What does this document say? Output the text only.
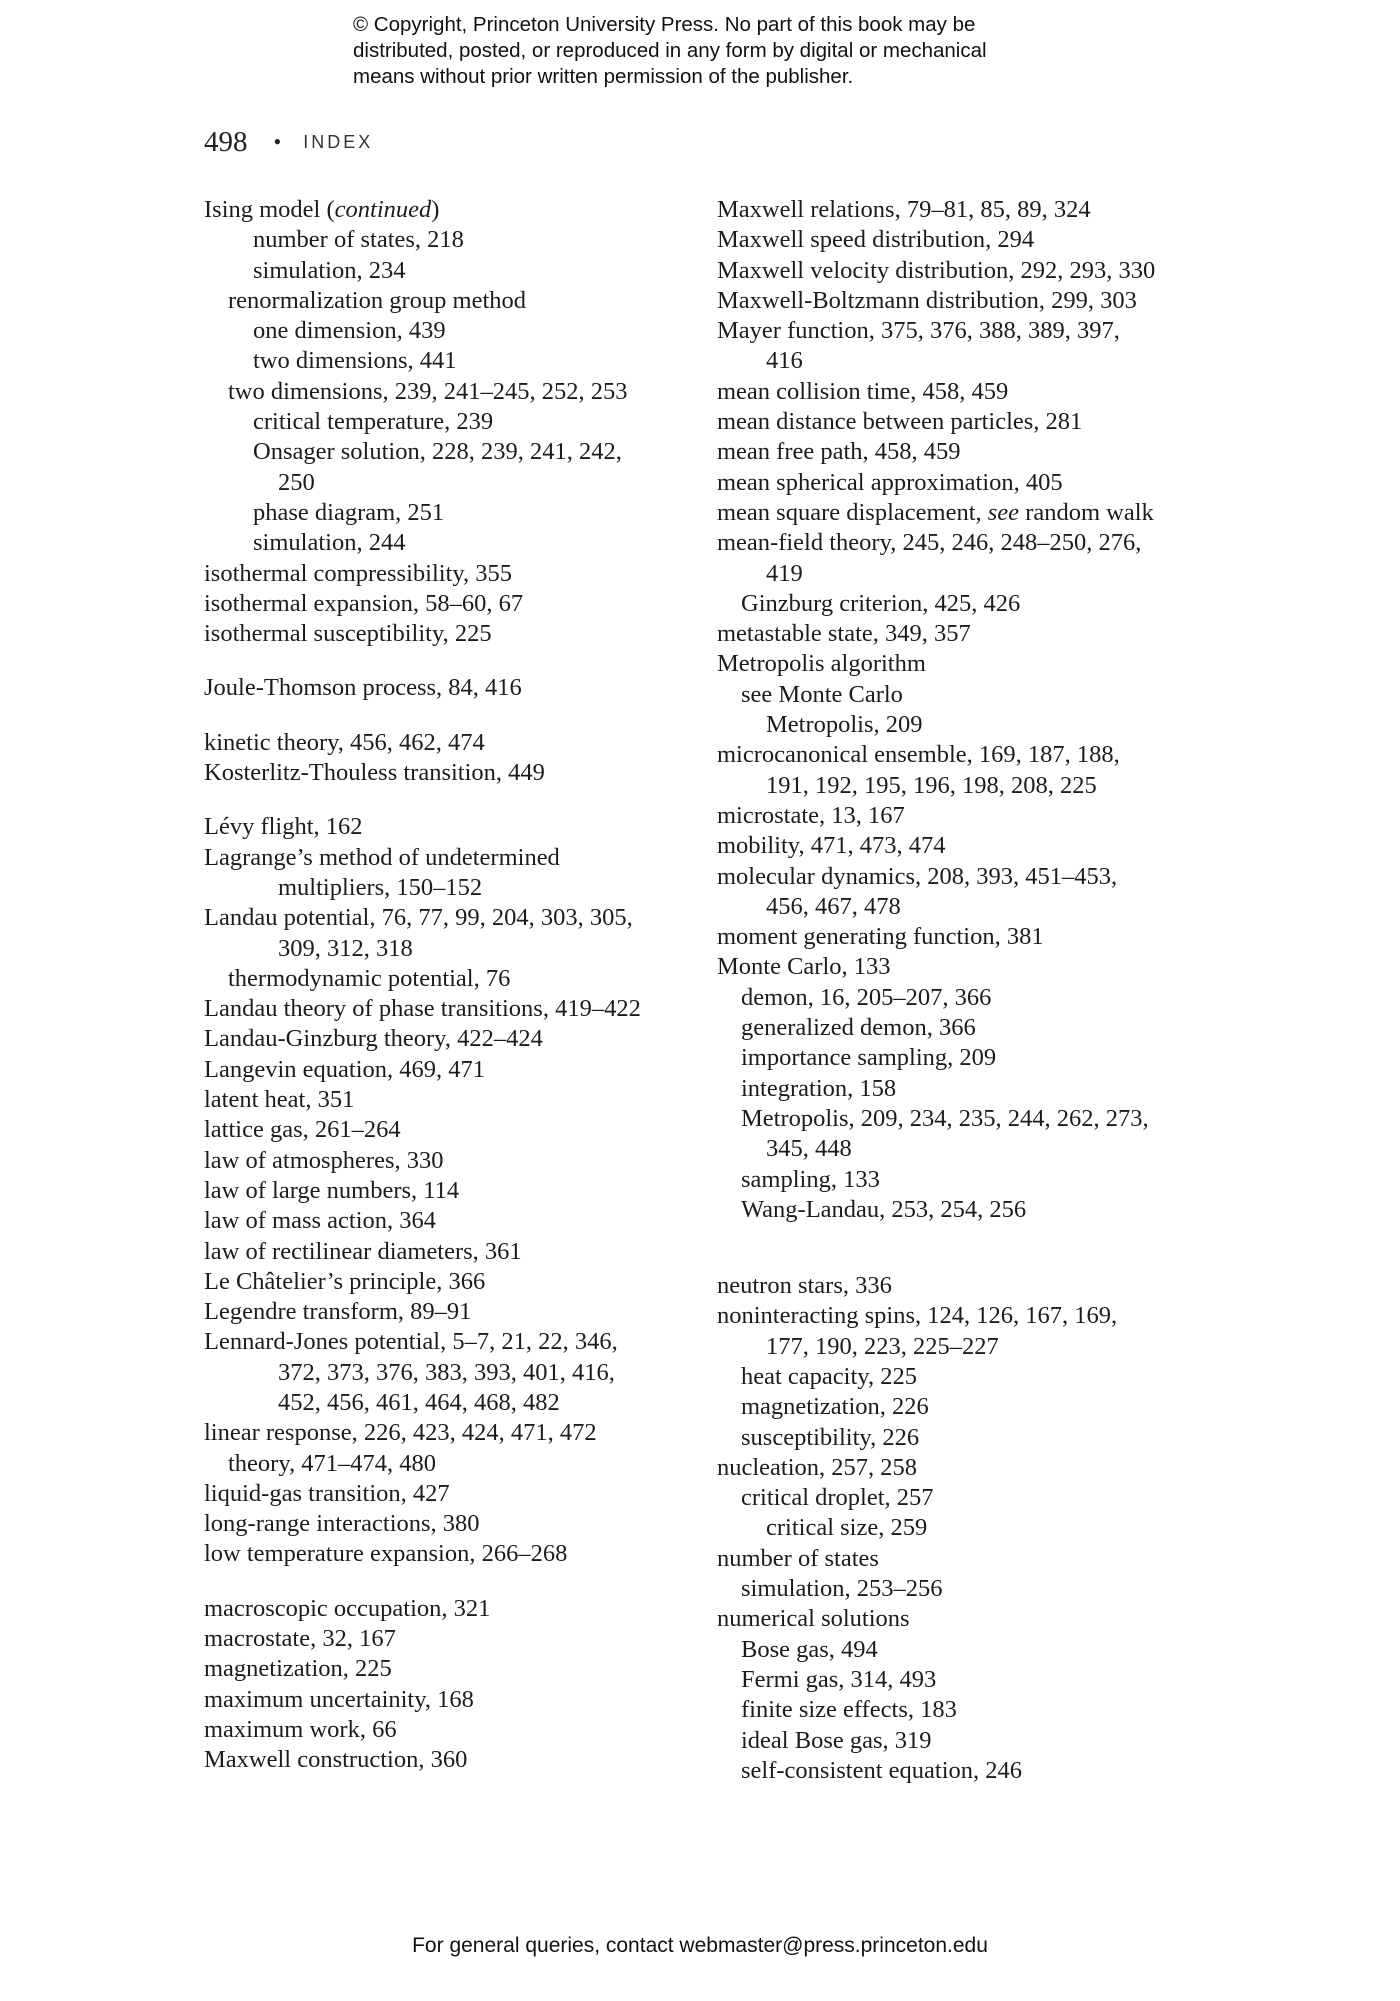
© Copyright, Princeton University Press. No part of this book may be
distributed, posted, or reproduced in any form by digital or mechanical
means without prior written permission of the publisher.
498 • INDEX
Ising model (continued)
number of states, 218
simulation, 234
renormalization group method
one dimension, 439
two dimensions, 441
two dimensions, 239, 241–245, 252, 253
critical temperature, 239
Onsager solution, 228, 239, 241, 242,
250
phase diagram, 251
simulation, 244
isothermal compressibility, 355
isothermal expansion, 58–60, 67
isothermal susceptibility, 225
Joule-Thomson process, 84, 416
kinetic theory, 456, 462, 474
Kosterlitz-Thouless transition, 449
Lévy flight, 162
Lagrange’s method of undetermined
multipliers, 150–152
Landau potential, 76, 77, 99, 204, 303, 305,
309, 312, 318
thermodynamic potential, 76
Landau theory of phase transitions, 419–422
Landau-Ginzburg theory, 422–424
Langevin equation, 469, 471
latent heat, 351
lattice gas, 261–264
law of atmospheres, 330
law of large numbers, 114
law of mass action, 364
law of rectilinear diameters, 361
Le Châtelier’s principle, 366
Legendre transform, 89–91
Lennard-Jones potential, 5–7, 21, 22, 346,
372, 373, 376, 383, 393, 401, 416,
452, 456, 461, 464, 468, 482
linear response, 226, 423, 424, 471, 472
theory, 471–474, 480
liquid-gas transition, 427
long-range interactions, 380
low temperature expansion, 266–268
macroscopic occupation, 321
macrostate, 32, 167
magnetization, 225
maximum uncertainity, 168
maximum work, 66
Maxwell construction, 360
Maxwell relations, 79–81, 85, 89, 324
Maxwell speed distribution, 294
Maxwell velocity distribution, 292, 293, 330
Maxwell-Boltzmann distribution, 299, 303
Mayer function, 375, 376, 388, 389, 397,
416
mean collision time, 458, 459
mean distance between particles, 281
mean free path, 458, 459
mean spherical approximation, 405
mean square displacement, see random walk
mean-field theory, 245, 246, 248–250, 276,
419
Ginzburg criterion, 425, 426
metastable state, 349, 357
Metropolis algorithm
see Monte Carlo
Metropolis, 209
microcanonical ensemble, 169, 187, 188,
191, 192, 195, 196, 198, 208, 225
microstate, 13, 167
mobility, 471, 473, 474
molecular dynamics, 208, 393, 451–453,
456, 467, 478
moment generating function, 381
Monte Carlo, 133
demon, 16, 205–207, 366
generalized demon, 366
importance sampling, 209
integration, 158
Metropolis, 209, 234, 235, 244, 262, 273,
345, 448
sampling, 133
Wang-Landau, 253, 254, 256
neutron stars, 336
noninteracting spins, 124, 126, 167, 169,
177, 190, 223, 225–227
heat capacity, 225
magnetization, 226
susceptibility, 226
nucleation, 257, 258
critical droplet, 257
critical size, 259
number of states
simulation, 253–256
numerical solutions
Bose gas, 494
Fermi gas, 314, 493
finite size effects, 183
ideal Bose gas, 319
self-consistent equation, 246
For general queries, contact webmaster@press.princeton.edu
